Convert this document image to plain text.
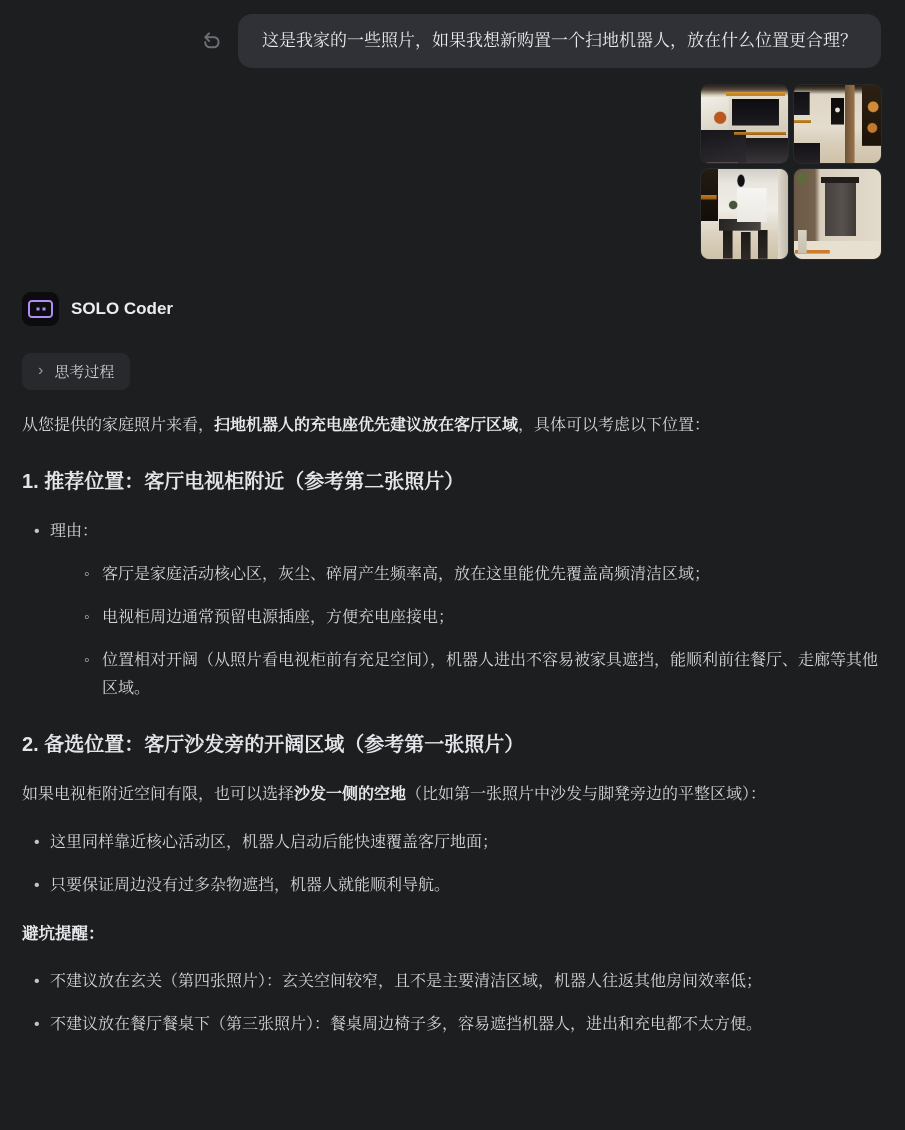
这是我家的一些照片，如果我想新购置一个扫地机器人，放在什么位置更合理？
SOLO Coder
› 思考过程

从您提供的家庭照片来看，扫地机器人的充电座优先建议放在客厅区域，具体可以考虑以下位置：

1. 推荐位置：客厅电视柜附近（参考第二张照片）
• 理由：
◦ 客厅是家庭活动核心区，灰尘、碎屑产生频率高，放在这里能优先覆盖高频清洁区域；
◦ 电视柜周边通常预留电源插座，方便充电座接电；
◦ 位置相对开阔（从照片看电视柜前有充足空间），机器人进出不容易被家具遮挡，能顺利前往餐厅、走廊等其他区域。
2. 备选位置：客厅沙发旁的开阔区域（参考第一张照片）

如果电视柜附近空间有限，也可以选择沙发一侧的空地（比如第一张照片中沙发与脚凳旁边的平整区域）：

• 这里同样靠近核心活动区，机器人启动后能快速覆盖客厅地面；
• 只要保证周边没有过多杂物遮挡，机器人就能顺利导航。

避坑提醒：

• 不建议放在玄关（第四张照片）：玄关空间较窄，且不是主要清洁区域，机器人往返其他房间效率低；
• 不建议放在餐厅餐桌下（第三张照片）：餐桌周边椅子多，容易遮挡机器人，进出和充电都不太方便。
